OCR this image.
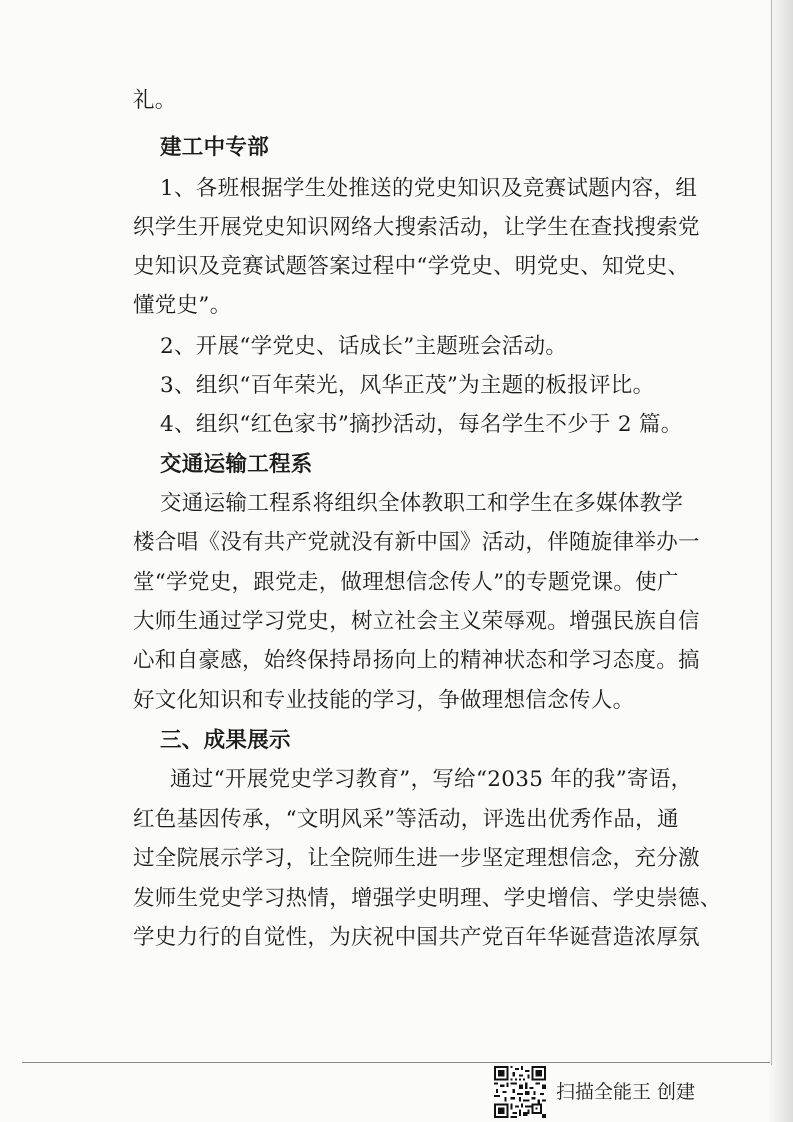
礼。
建工中专部
1、各班根据学生处推送的党史知识及竞赛试题内容，组
织学生开展党史知识网络大搜索活动，让学生在查找搜索党
史知识及竞赛试题答案过程中“学党史、明党史、知党史、
懂党史”。
2、开展“学党史、话成长”主题班会活动。
3、组织“百年荣光，风华正茂”为主题的板报评比。
4、组织“红色家书”摘抄活动，每名学生不少于 2 篇。
交通运输工程系
交通运输工程系将组织全体教职工和学生在多媒体教学
楼合唱《没有共产党就没有新中国》活动，伴随旋律举办一
堂“学党史，跟党走，做理想信念传人”的专题党课。使广
大师生通过学习党史，树立社会主义荣辱观。增强民族自信
心和自豪感，始终保持昂扬向上的精神状态和学习态度。搞
好文化知识和专业技能的学习，争做理想信念传人。
三、成果展示
通过“开展党史学习教育”，写给“2035 年的我”寄语，
红色基因传承，“文明风采”等活动，评选出优秀作品，通
过全院展示学习，让全院师生进一步坚定理想信念，充分激
发师生党史学习热情，增强学史明理、学史增信、学史崇德、
学史力行的自觉性，为庆祝中国共产党百年华诞营造浓厚氛
扫描全能王 创建
